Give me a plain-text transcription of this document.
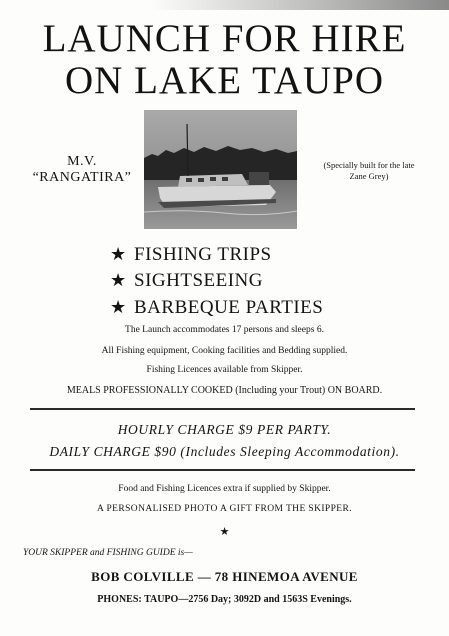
LAUNCH FOR HIRE
ON LAKE TAUPO
M.V.
“RANGATIRA”
(Specially built for the late
Zane Grey)
★ FISHING TRIPS
★ SIGHTSEEING
★ BARBEQUE PARTIES
The Launch accommodates 17 persons and sleeps 6.
All Fishing equipment, Cooking facilities and Bedding supplied.
Fishing Licences available from Skipper.
MEALS PROFESSIONALLY COOKED (Including your Trout) ON BOARD.
HOURLY CHARGE $9 PER PARTY.
DAILY CHARGE $90 (Includes Sleeping Accommodation).
Food and Fishing Licences extra if supplied by Skipper.
A PERSONALISED PHOTO A GIFT FROM THE SKIPPER.
★
YOUR SKIPPER and FISHING GUIDE is—
BOB COLVILLE — 78 HINEMOA AVENUE
PHONES: TAUPO—2756 Day; 3092D and 1563S Evenings.
